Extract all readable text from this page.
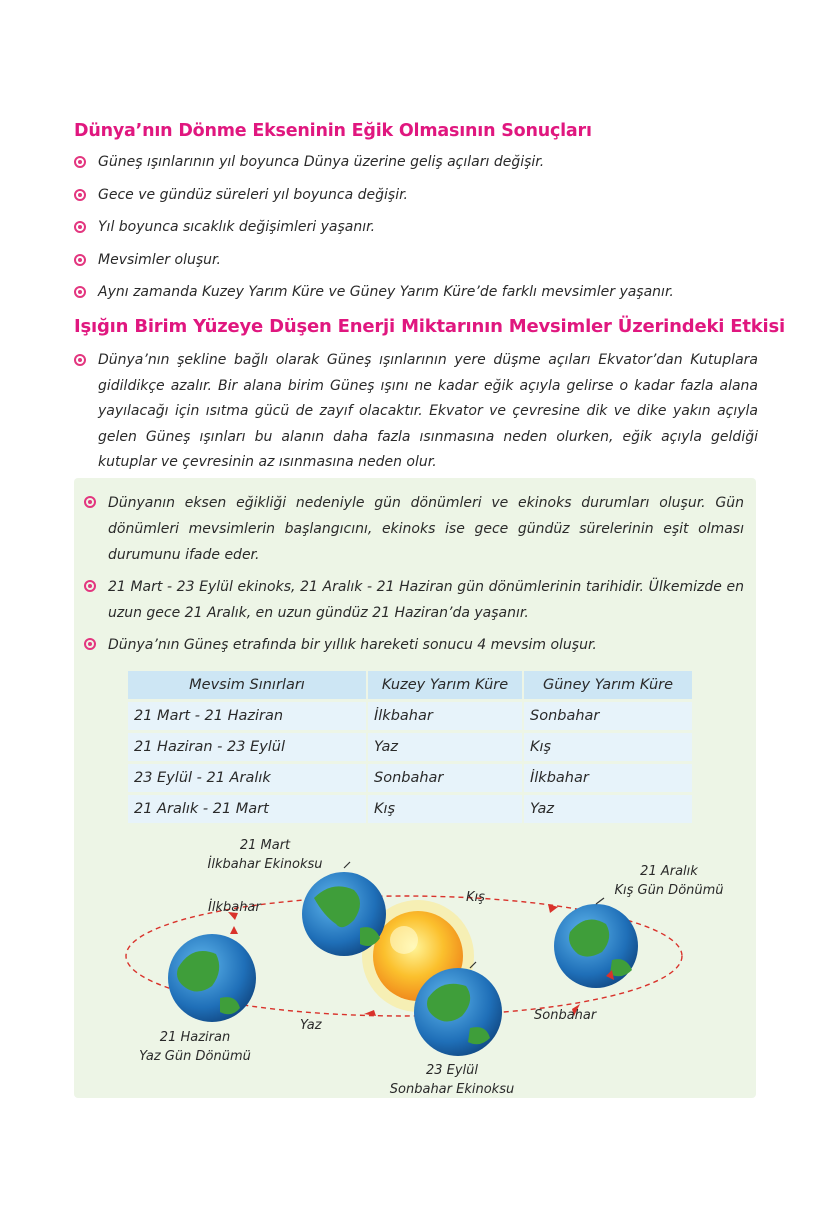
Dünya’nın Dönme Ekseninin Eğik Olmasının Sonuçları
Güneş ışınlarının yıl boyunca Dünya üzerine geliş açıları değişir.
Gece ve gündüz süreleri yıl boyunca değişir.
Yıl boyunca sıcaklık değişimleri yaşanır.
Mevsimler oluşur.
Aynı zamanda Kuzey Yarım Küre ve Güney Yarım Küre’de farklı mevsimler yaşanır.
Işığın Birim Yüzeye Düşen Enerji Miktarının Mevsimler Üzerindeki Etkisi
Dünya’nın şekline bağlı olarak Güneş ışınlarının yere düşme açıları Ekvator’dan Kutuplara gidildikçe azalır. Bir alana birim Güneş ışını ne kadar eğik açıyla gelirse o kadar fazla alana yayılacağı için ısıtma gücü de zayıf olacaktır. Ekvator ve çevresine dik ve dike yakın açıyla gelen Güneş ışınları bu alanın daha fazla ısınmasına neden olurken, eğik açıyla geldiği kutuplar ve çevresinin az ısınmasına neden olur.
Dünyanın eksen eğikliği nedeniyle gün dönümleri ve ekinoks durumları oluşur. Gün dönümleri mevsimlerin başlangıcını, ekinoks ise gece gündüz sürelerinin eşit olması durumunu ifade eder.
21 Mart - 23 Eylül ekinoks, 21 Aralık - 21 Haziran gün dönümlerinin tarihidir. Ülkemizde en uzun gece 21 Aralık, en uzun gündüz 21 Haziran’da yaşanır.
Dünya’nın Güneş etrafında bir yıllık hareketi sonucu 4 mevsim oluşur.
Mevsim Sınırları	Kuzey Yarım Küre	Güney Yarım Küre
21 Mart - 21 Haziran	İlkbahar	Sonbahar
21 Haziran - 23 Eylül	Yaz	Kış
23 Eylül - 21 Aralık	Sonbahar	İlkbahar
21 Aralık - 21 Mart	Kış	Yaz
21 Mart
İlkbahar Ekinoksu
İlkbahar
Kış
21 Aralık
Kış Gün Dönümü
Yaz
Sonbahar
21 Haziran
Yaz Gün Dönümü
23 Eylül
Sonbahar Ekinoksu
